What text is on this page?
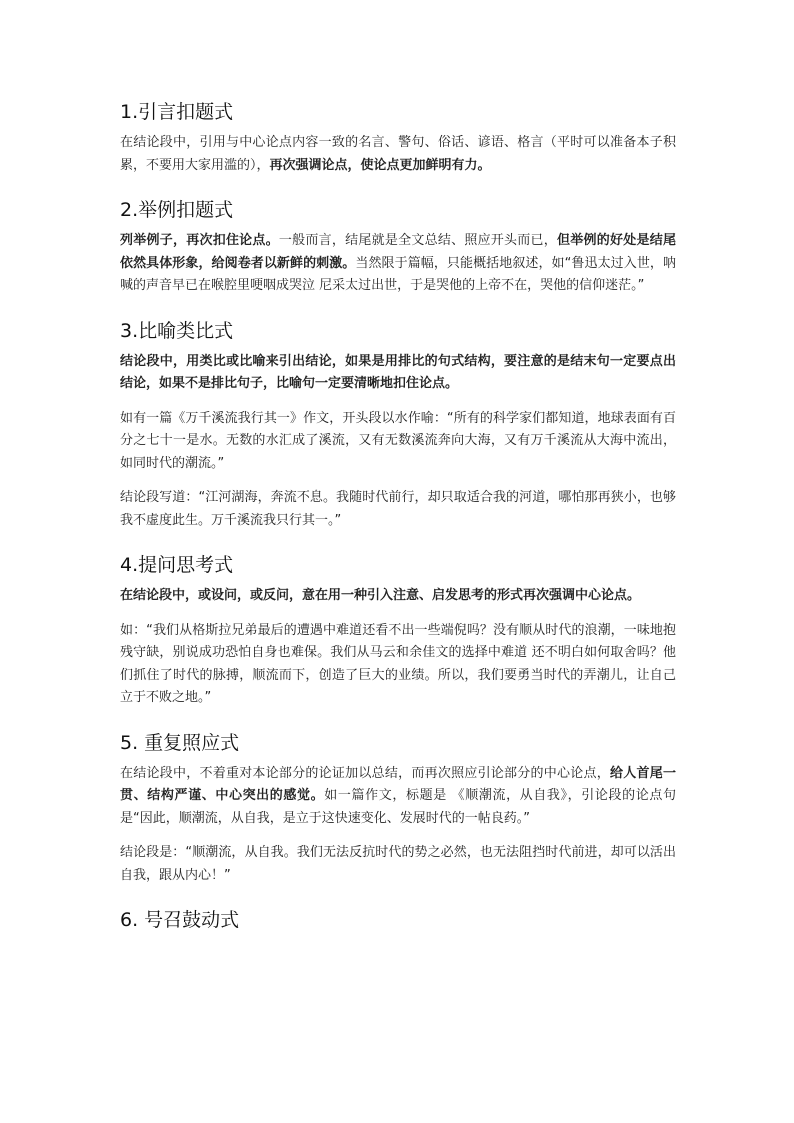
1.引言扣题式

在结论段中，引用与中心论点内容一致的名言、警句、俗话、谚语、格言（平时可以准备本子积累，不要用大家用滥的），再次强调论点，使论点更加鲜明有力。

2.举例扣题式

列举例子，再次扣住论点。一般而言，结尾就是全文总结、照应开头而已，但举例的好处是结尾依然具体形象，给阅卷者以新鲜的刺激。当然限于篇幅，只能概括地叙述，如“鲁迅太过入世，呐喊的声音早已在喉腔里哽咽成哭泣 尼采太过出世，于是哭他的上帝不在，哭他的信仰迷茫。”

3.比喻类比式

结论段中，用类比或比喻来引出结论，如果是用排比的句式结构，要注意的是结末句一定要点出结论，如果不是排比句子，比喻句一定要清晰地扣住论点。

如有一篇《万千溪流我行其一》作文，开头段以水作喻：“所有的科学家们都知道，地球表面有百分之七十一是水。无数的水汇成了溪流，又有无数溪流奔向大海，又有万千溪流从大海中流出，如同时代的潮流。”

结论段写道：“江河湖海，奔流不息。我随时代前行，却只取适合我的河道，哪怕那再狭小，也够我不虚度此生。万千溪流我只行其一。”

4.提问思考式

在结论段中，或设问，或反问，意在用一种引入注意、启发思考的形式再次强调中心论点。

如：“我们从格斯拉兄弟最后的遭遇中难道还看不出一些端倪吗？没有顺从时代的浪潮，一味地抱残守缺，别说成功恐怕自身也难保。我们从马云和余佳文的选择中难道 还不明白如何取舍吗？他们抓住了时代的脉搏，顺流而下，创造了巨大的业绩。所以，我们要勇当时代的弄潮儿，让自己立于不败之地。”

5. 重复照应式

在结论段中，不着重对本论部分的论证加以总结，而再次照应引论部分的中心论点，给人首尾一贯、结构严谨、中心突出的感觉。如一篇作文，标题是 《顺潮流，从自我》，引论段的论点句是“因此，顺潮流，从自我，是立于这快速变化、发展时代的一帖良药。”

结论段是：“顺潮流，从自我。我们无法反抗时代的势之必然，也无法阻挡时代前进，却可以活出自我，跟从内心！”

6. 号召鼓动式
